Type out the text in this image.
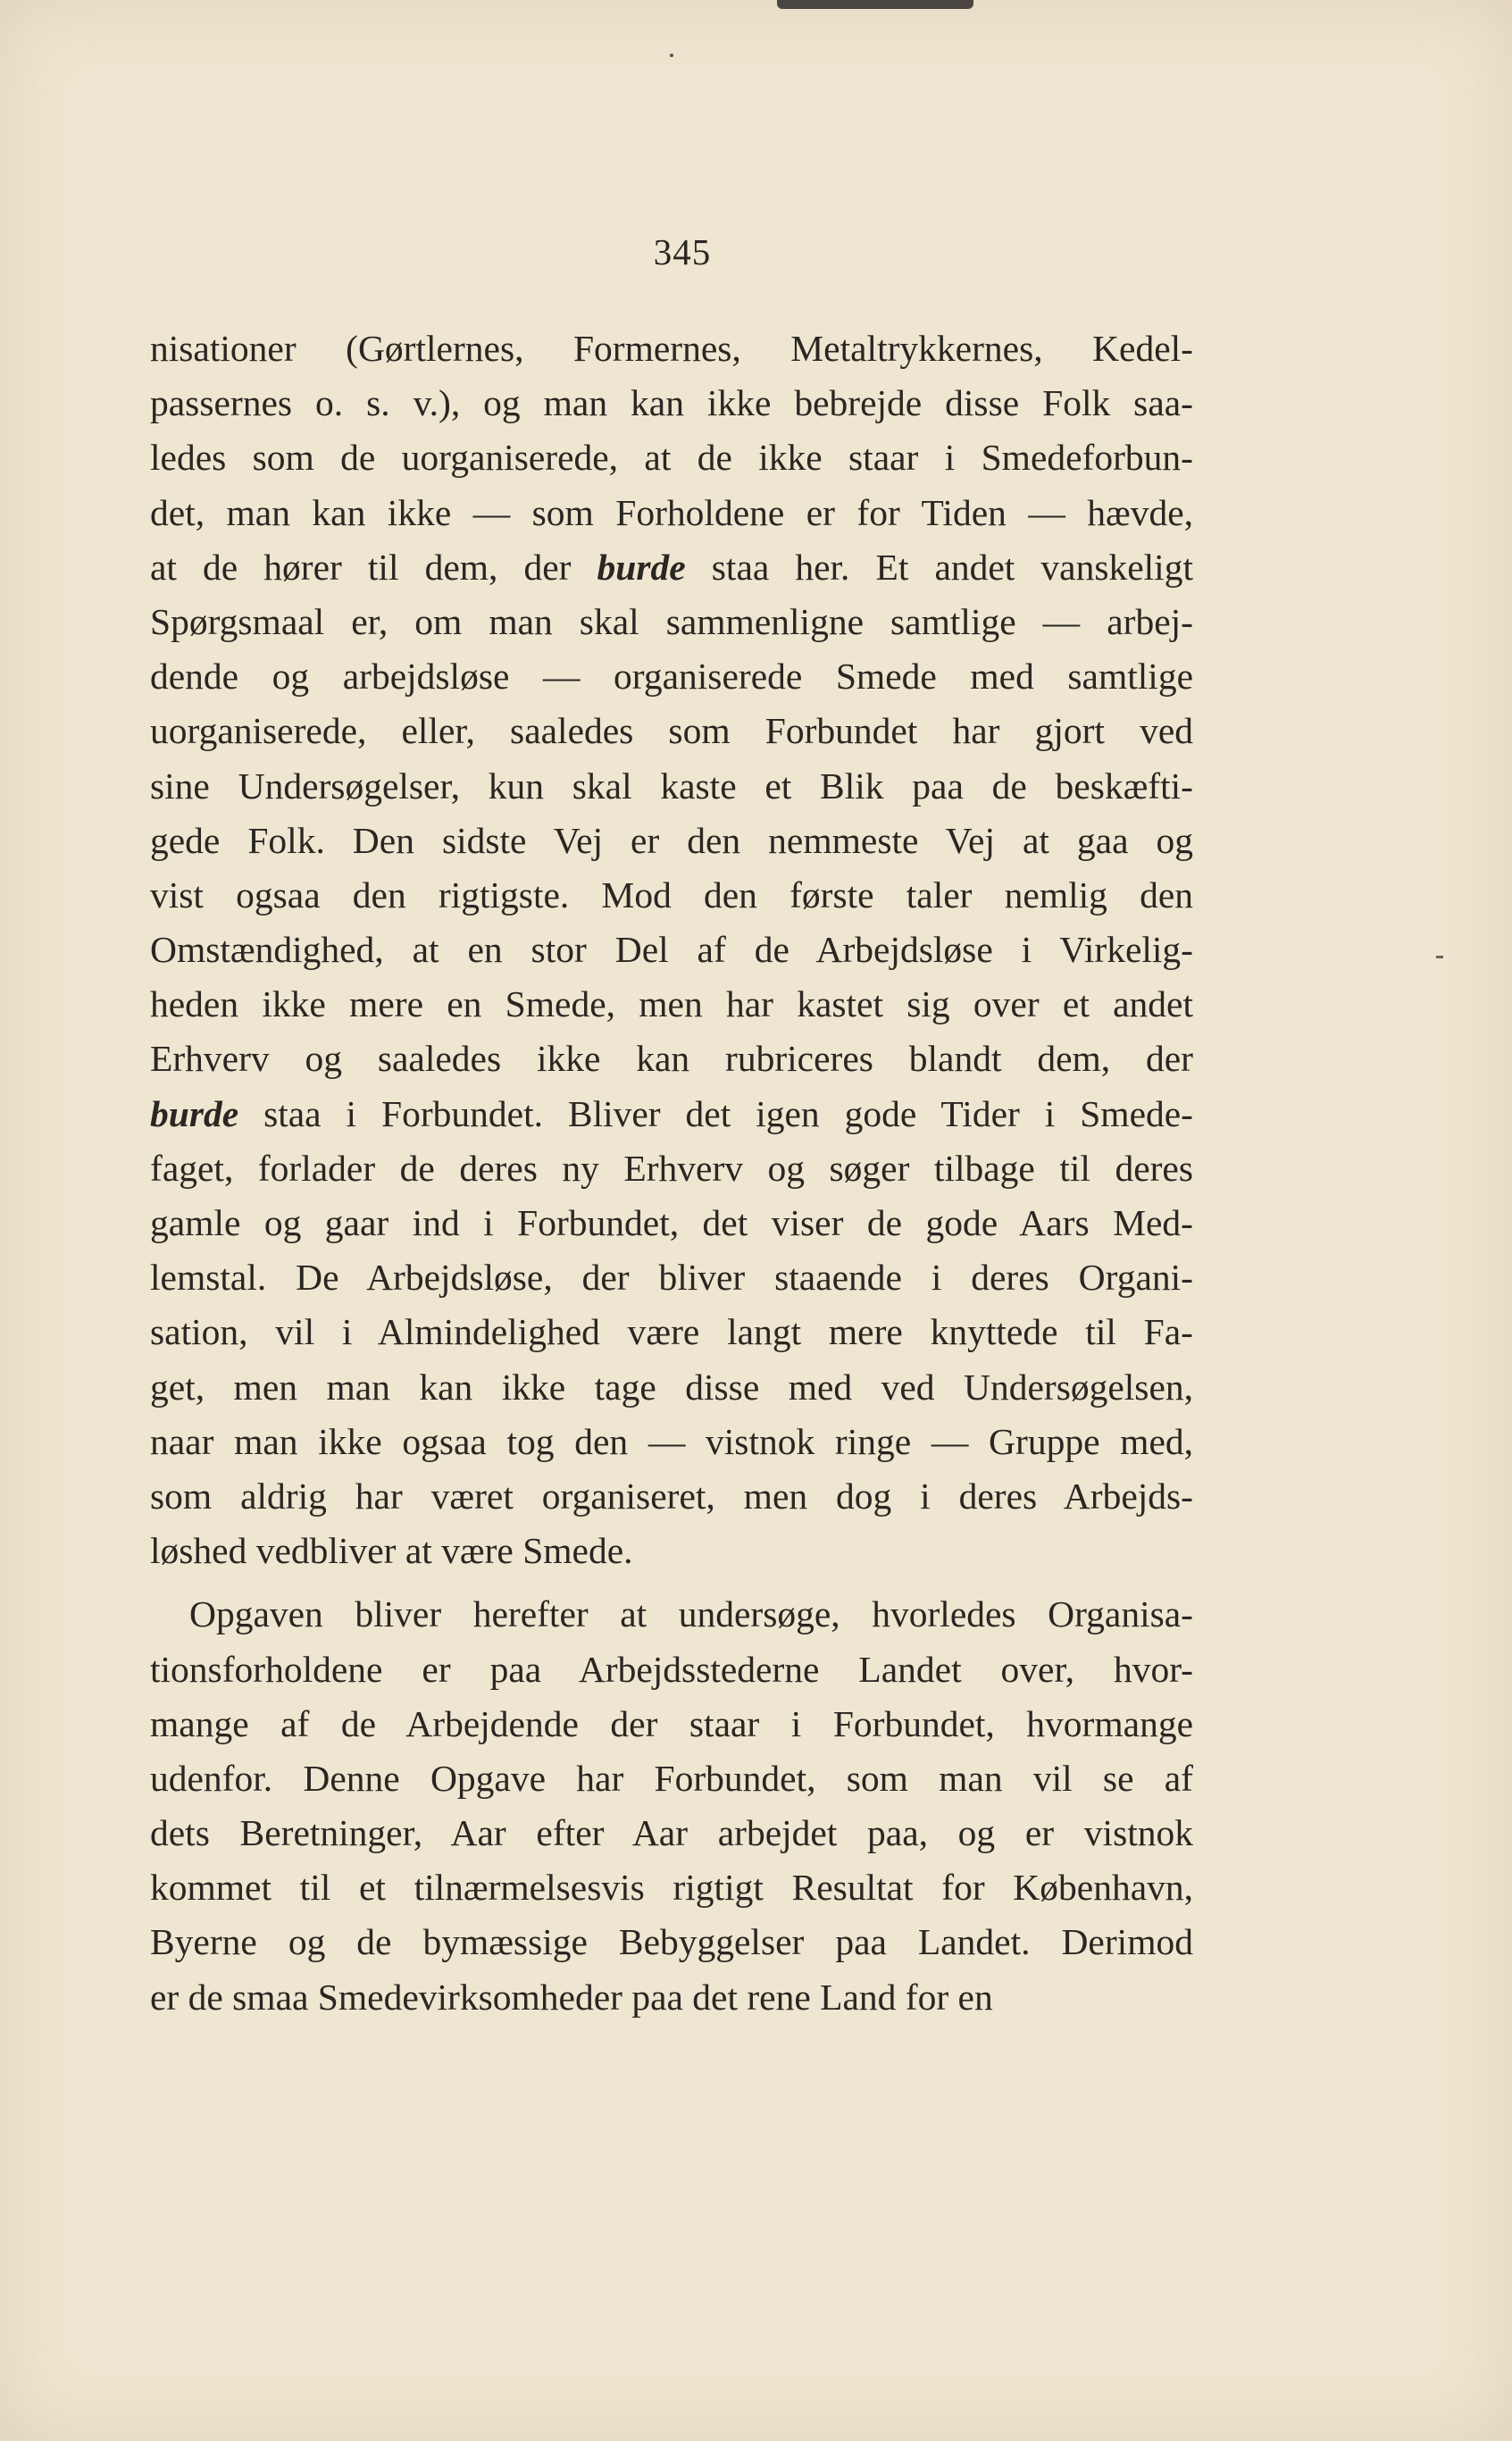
345
nisationer (Gørtlernes, Formernes, Metaltrykkernes, Kedel-
passernes o. s. v.), og man kan ikke bebrejde disse Folk saa-
ledes som de uorganiserede, at de ikke staar i Smedeforbun-
det, man kan ikke — som Forholdene er for Tiden — hævde,
at de hører til dem, der burde staa her. Et andet vanskeligt
Spørgsmaal er, om man skal sammenligne samtlige — arbej-
dende og arbejdsløse — organiserede Smede med samtlige
uorganiserede, eller, saaledes som Forbundet har gjort ved
sine Undersøgelser, kun skal kaste et Blik paa de beskæfti-
gede Folk. Den sidste Vej er den nemmeste Vej at gaa og
vist ogsaa den rigtigste. Mod den første taler nemlig den
Omstændighed, at en stor Del af de Arbejdsløse i Virkelig-
heden ikke mere en Smede, men har kastet sig over et andet
Erhverv og saaledes ikke kan rubriceres blandt dem, der
burde staa i Forbundet. Bliver det igen gode Tider i Smede-
faget, forlader de deres ny Erhverv og søger tilbage til deres
gamle og gaar ind i Forbundet, det viser de gode Aars Med-
lemstal. De Arbejdsløse, der bliver staaende i deres Organi-
sation, vil i Almindelighed være langt mere knyttede til Fa-
get, men man kan ikke tage disse med ved Undersøgelsen,
naar man ikke ogsaa tog den — vistnok ringe — Gruppe med,
som aldrig har været organiseret, men dog i deres Arbejds-
løshed vedbliver at være Smede.
Opgaven bliver herefter at undersøge, hvorledes Organisa-
tionsforholdene er paa Arbejdsstederne Landet over, hvor-
mange af de Arbejdende der staar i Forbundet, hvormange
udenfor. Denne Opgave har Forbundet, som man vil se af
dets Beretninger, Aar efter Aar arbejdet paa, og er vistnok
kommet til et tilnærmelsesvis rigtigt Resultat for København,
Byerne og de bymæssige Bebyggelser paa Landet. Derimod
er de smaa Smedevirksomheder paa det rene Land for en
